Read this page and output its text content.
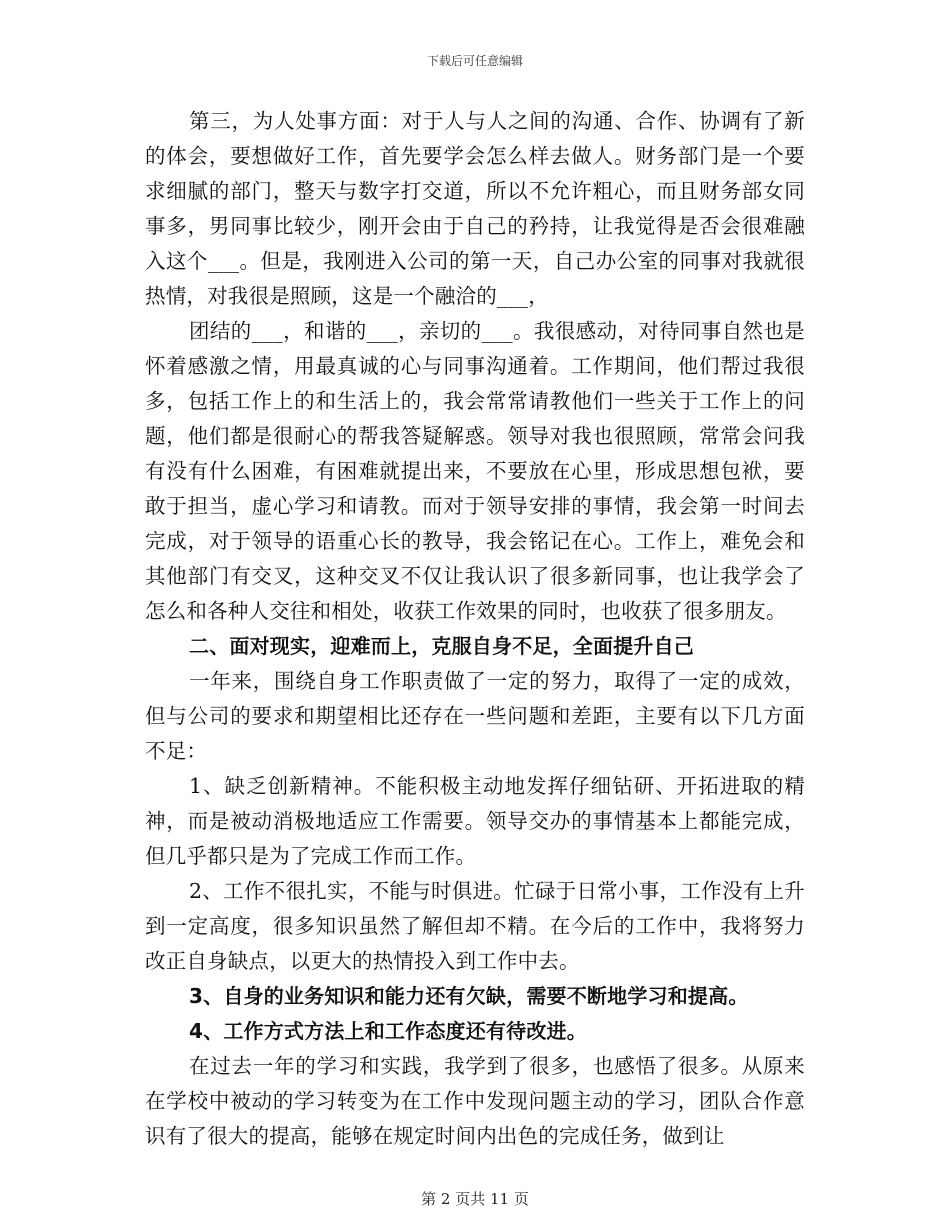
下载后可任意编辑

第三，为人处事方面：对于人与人之间的沟通、合作、协调有了新的体会，要想做好工作，首先要学会怎么样去做人。财务部门是一个要求细腻的部门，整天与数字打交道，所以不允许粗心，而且财务部女同事多，男同事比较少，刚开会由于自己的矜持，让我觉得是否会很难融入这个___。但是，我刚进入公司的第一天，自己办公室的同事对我就很热情，对我很是照顾，这是一个融洽的___，

团结的___，和谐的___，亲切的___。我很感动，对待同事自然也是怀着感激之情，用最真诚的心与同事沟通着。工作期间，他们帮过我很多，包括工作上的和生活上的，我会常常请教他们一些关于工作上的问题，他们都是很耐心的帮我答疑解惑。领导对我也很照顾，常常会问我有没有什么困难，有困难就提出来，不要放在心里，形成思想包袱，要敢于担当，虚心学习和请教。而对于领导安排的事情，我会第一时间去完成，对于领导的语重心长的教导，我会铭记在心。工作上，难免会和其他部门有交叉，这种交叉不仅让我认识了很多新同事，也让我学会了怎么和各种人交往和相处，收获工作效果的同时，也收获了很多朋友。

二、面对现实，迎难而上，克服自身不足，全面提升自己

一年来，围绕自身工作职责做了一定的努力，取得了一定的成效，但与公司的要求和期望相比还存在一些问题和差距，主要有以下几方面不足：

1、缺乏创新精神。不能积极主动地发挥仔细钻研、开拓进取的精神，而是被动消极地适应工作需要。领导交办的事情基本上都能完成，但几乎都只是为了完成工作而工作。

2、工作不很扎实，不能与时俱进。忙碌于日常小事，工作没有上升到一定高度，很多知识虽然了解但却不精。在今后的工作中，我将努力改正自身缺点，以更大的热情投入到工作中去。

3、自身的业务知识和能力还有欠缺，需要不断地学习和提高。

4、工作方式方法上和工作态度还有待改进。

在过去一年的学习和实践，我学到了很多，也感悟了很多。从原来在学校中被动的学习转变为在工作中发现问题主动的学习，团队合作意识有了很大的提高，能够在规定时间内出色的完成任务，做到让

第 2 页共 11 页
